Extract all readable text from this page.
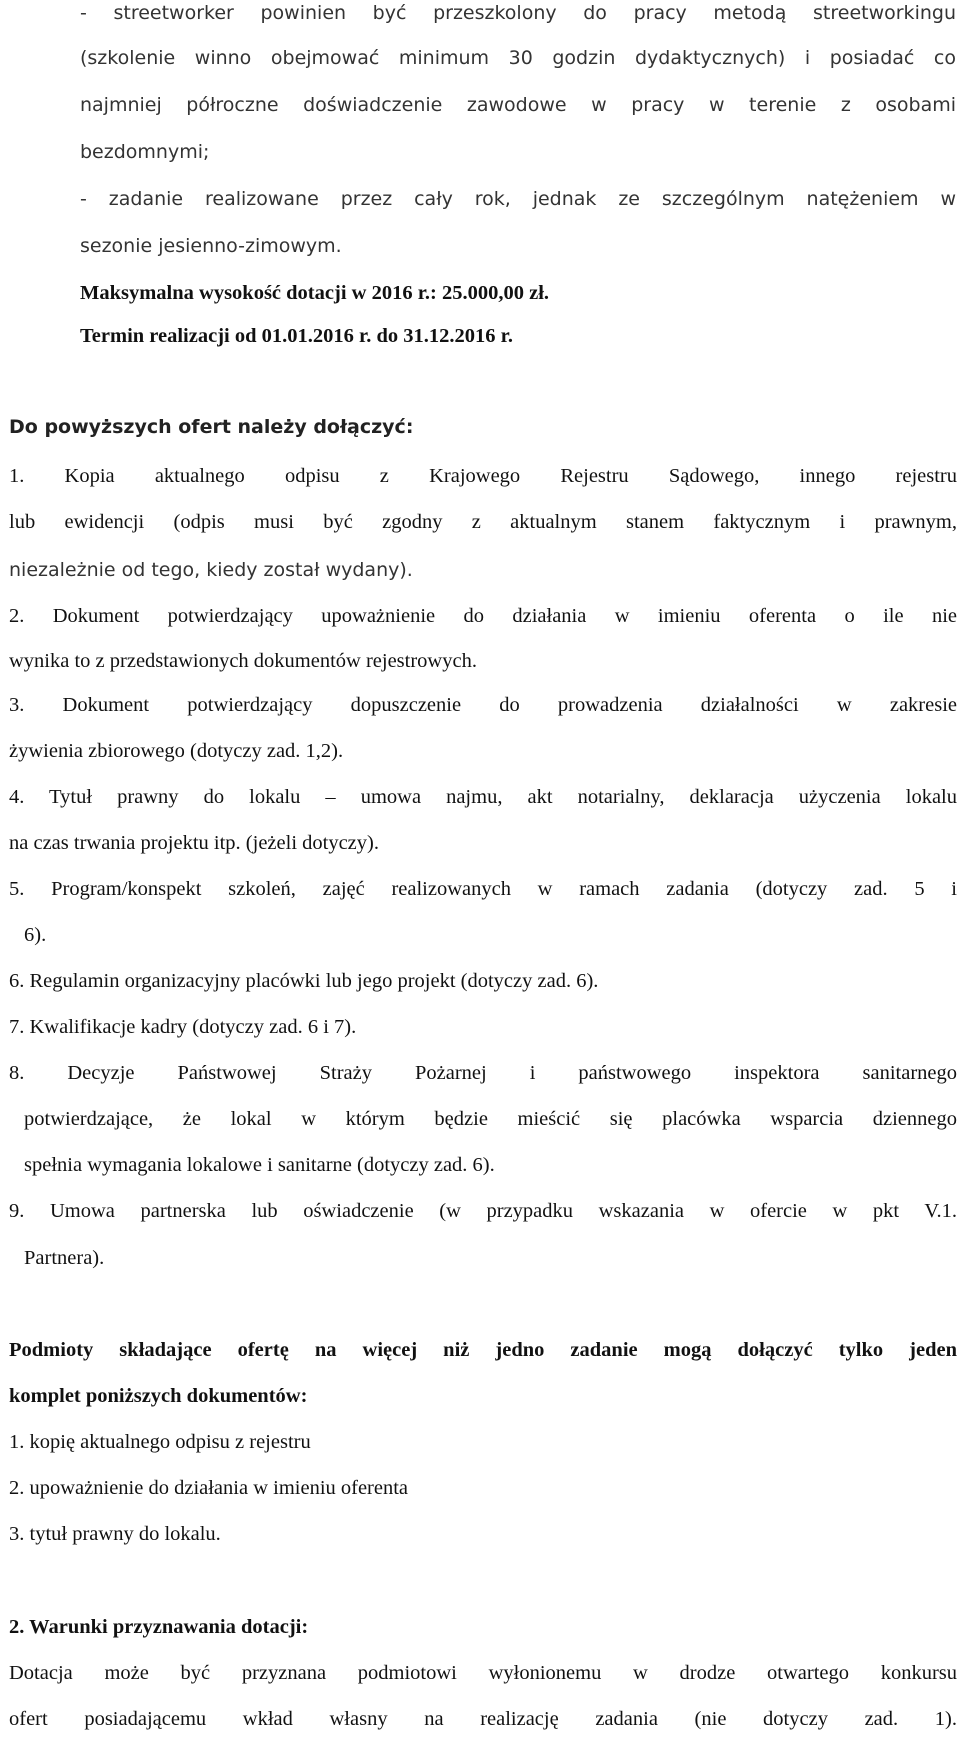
- streetworker powinien być przeszkolony do pracy metodą streetworkingu
(szkolenie winno obejmować minimum 30 godzin dydaktycznych) i posiadać co
najmniej półroczne doświadczenie zawodowe w pracy w terenie z osobami
bezdomnymi;
- zadanie realizowane przez cały rok, jednak ze szczególnym natężeniem w
sezonie jesienno-zimowym.
Maksymalna wysokość dotacji w 2016 r.: 25.000,00 zł.
Termin realizacji od 01.01.2016 r. do 31.12.2016 r.
Do powyższych ofert należy dołączyć:
1. Kopia aktualnego odpisu z Krajowego Rejestru Sądowego, innego rejestru
lub ewidencji (odpis musi być zgodny z aktualnym stanem faktycznym i prawnym,
niezależnie od tego, kiedy został wydany).
2. Dokument potwierdzający upoważnienie do działania w imieniu oferenta o ile nie
wynika to z przedstawionych dokumentów rejestrowych.
3. Dokument potwierdzający dopuszczenie do prowadzenia działalności w zakresie
żywienia zbiorowego (dotyczy zad. 1,2).
4. Tytuł prawny do lokalu – umowa najmu, akt notarialny, deklaracja użyczenia lokalu
na czas trwania projektu itp. (jeżeli dotyczy).
5. Program/konspekt szkoleń, zajęć realizowanych w ramach zadania (dotyczy zad. 5 i
6).
6. Regulamin organizacyjny placówki lub jego projekt (dotyczy zad. 6).
7. Kwalifikacje kadry (dotyczy zad. 6 i 7).
8. Decyzje Państwowej Straży Pożarnej i państwowego inspektora sanitarnego
potwierdzające, że lokal w którym będzie mieścić się placówka wsparcia dziennego
spełnia wymagania lokalowe i sanitarne (dotyczy zad. 6).
9. Umowa partnerska lub oświadczenie (w przypadku wskazania w ofercie w pkt V.1.
Partnera).
Podmioty składające ofertę na więcej niż jedno zadanie mogą dołączyć tylko jeden
komplet poniższych dokumentów:
1. kopię aktualnego odpisu z rejestru
2. upoważnienie do działania w imieniu oferenta
3. tytuł prawny do lokalu.
2. Warunki przyznawania dotacji:
Dotacja może być przyznana podmiotowi wyłonionemu w drodze otwartego konkursu
ofert posiadającemu wkład własny na realizację zadania (nie dotyczy zad. 1).
